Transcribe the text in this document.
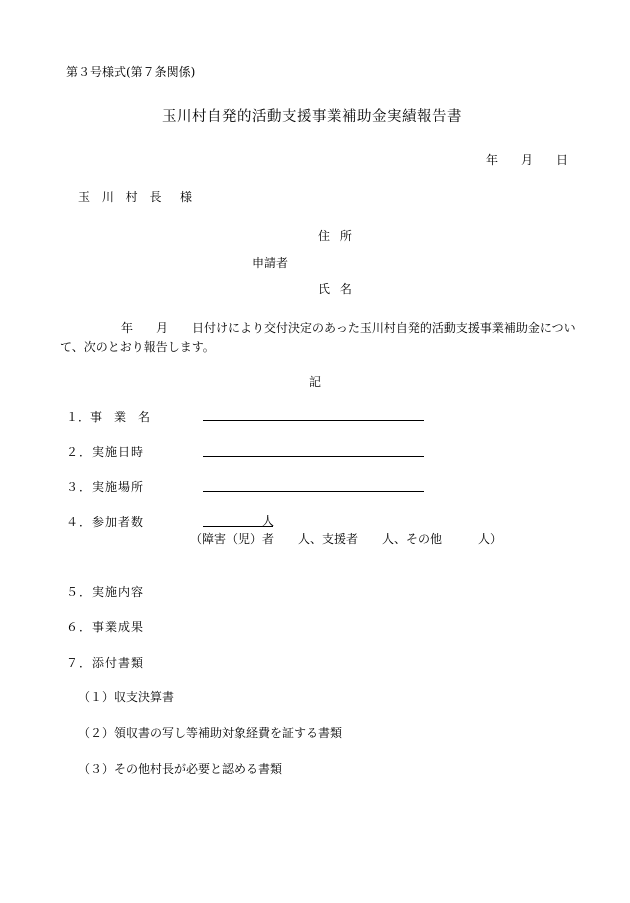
第３号様式(第７条関係)
玉川村自発的活動支援事業補助金実績報告書
年 月 日
玉 川 村 長 様
住 所
申請者
氏 名
年 月 日付けにより交付決定のあった玉川村自発的活動支援事業補助金につい
て、次のとおり報告します。
記
１．事　業　名
２．実施日時
３．実施場所
４．参加者数	人
（障害（児）者　　人、支援者　　人、その他　　　人）
５．実施内容
６．事業成果
７．添付書類
（１）収支決算書
（２）領収書の写し等補助対象経費を証する書類
（３）その他村長が必要と認める書類
